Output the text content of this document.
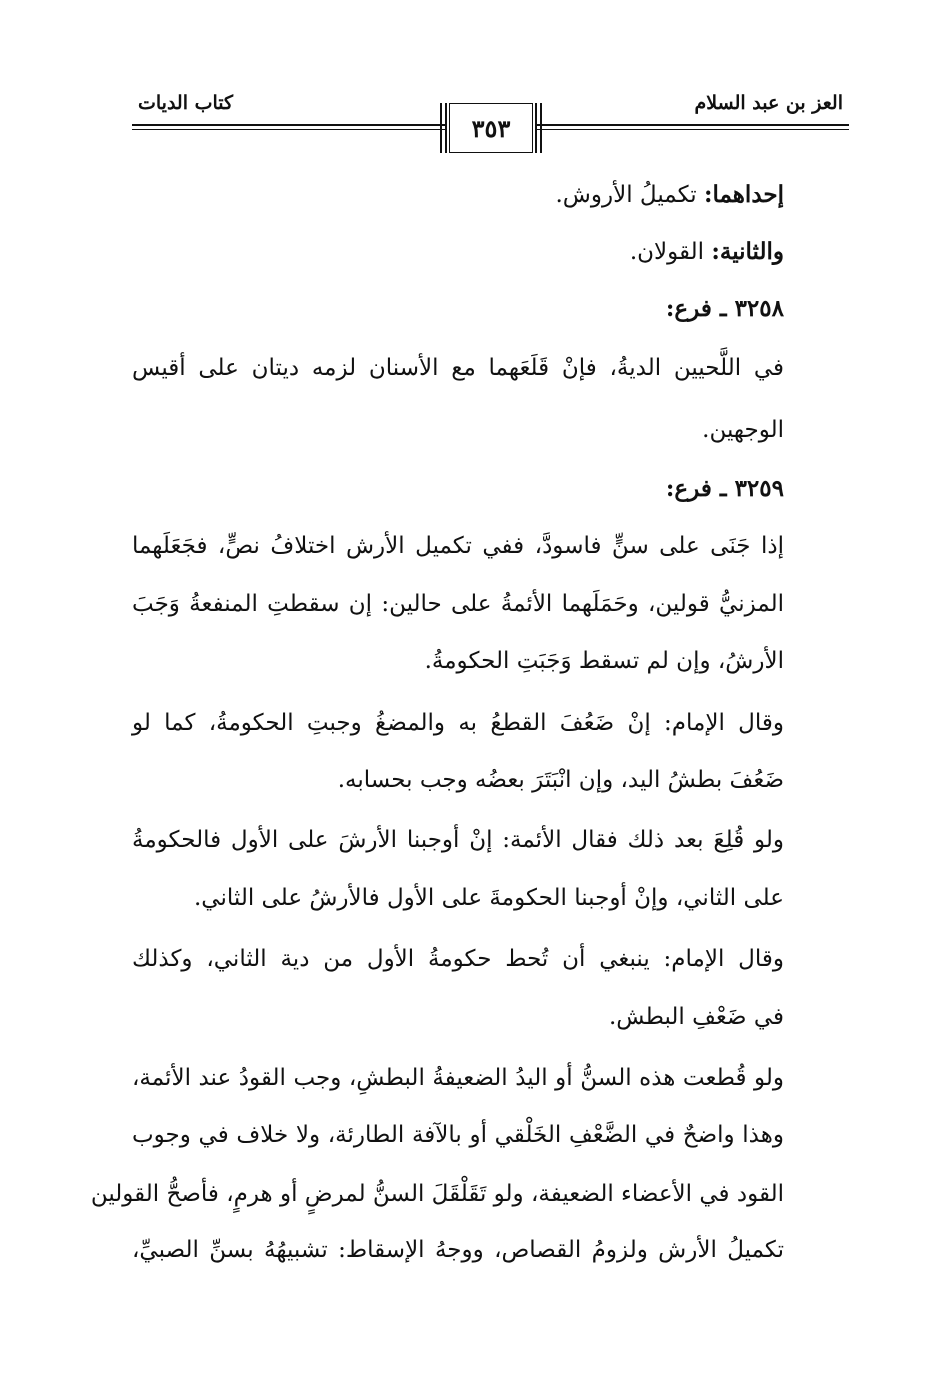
العز بن عبد السلام
كتاب الديات
٣٥٣
إحداهما: تكميلُ الأروش.
والثانية: القولان.
٣٢٥٨ ـ فرع:
في اللَّحيين الديةُ، فإنْ قَلَعَهما مع الأسنان لزمه ديتان على أقيس
الوجهين.
٣٢٥٩ ـ فرع:
إذا جَنَى على سنٍّ فاسودَّ، ففي تكميل الأرش اختلافُ نصٍّ، فجَعَلَهما
المزنيُّ قولين، وحَمَلَهما الأئمةُ على حالين: إن سقطتِ المنفعةُ وَجَبَ
الأرشُ، وإن لم تسقط وَجَبَتِ الحكومةُ.
وقال الإمام: إنْ ضَعُفَ القطعُ به والمضغُ وجبتِ الحكومةُ، كما لو
ضَعُفَ بطشُ اليد، وإن انْبَتَرَ بعضُه وجب بحسابه.
ولو قُلِعَ بعد ذلك فقال الأئمة: إنْ أوجبنا الأرشَ على الأول فالحكومةُ
على الثاني، وإنْ أوجبنا الحكومةَ على الأول فالأرشُ على الثاني.
وقال الإمام: ينبغي أن تُحط حكومةُ الأول من دية الثاني، وكذلك
في ضَعْفِ البطش.
ولو قُطعت هذه السنُّ أو اليدُ الضعيفةُ البطشِ، وجب القودُ عند الأئمة،
وهذا واضحٌ في الضَّعْفِ الخَلْقي أو بالآفة الطارئة، ولا خلاف في وجوب
القود في الأعضاء الضعيفة، ولو تَقَلْقَلَ السنُّ لمرضٍ أو هرمٍ، فأصحُّ القولين
تكميلُ الأرش ولزومُ القصاص، ووجهُ الإسقاط: تشبيهُهُ بسنِّ الصبيِّ،
